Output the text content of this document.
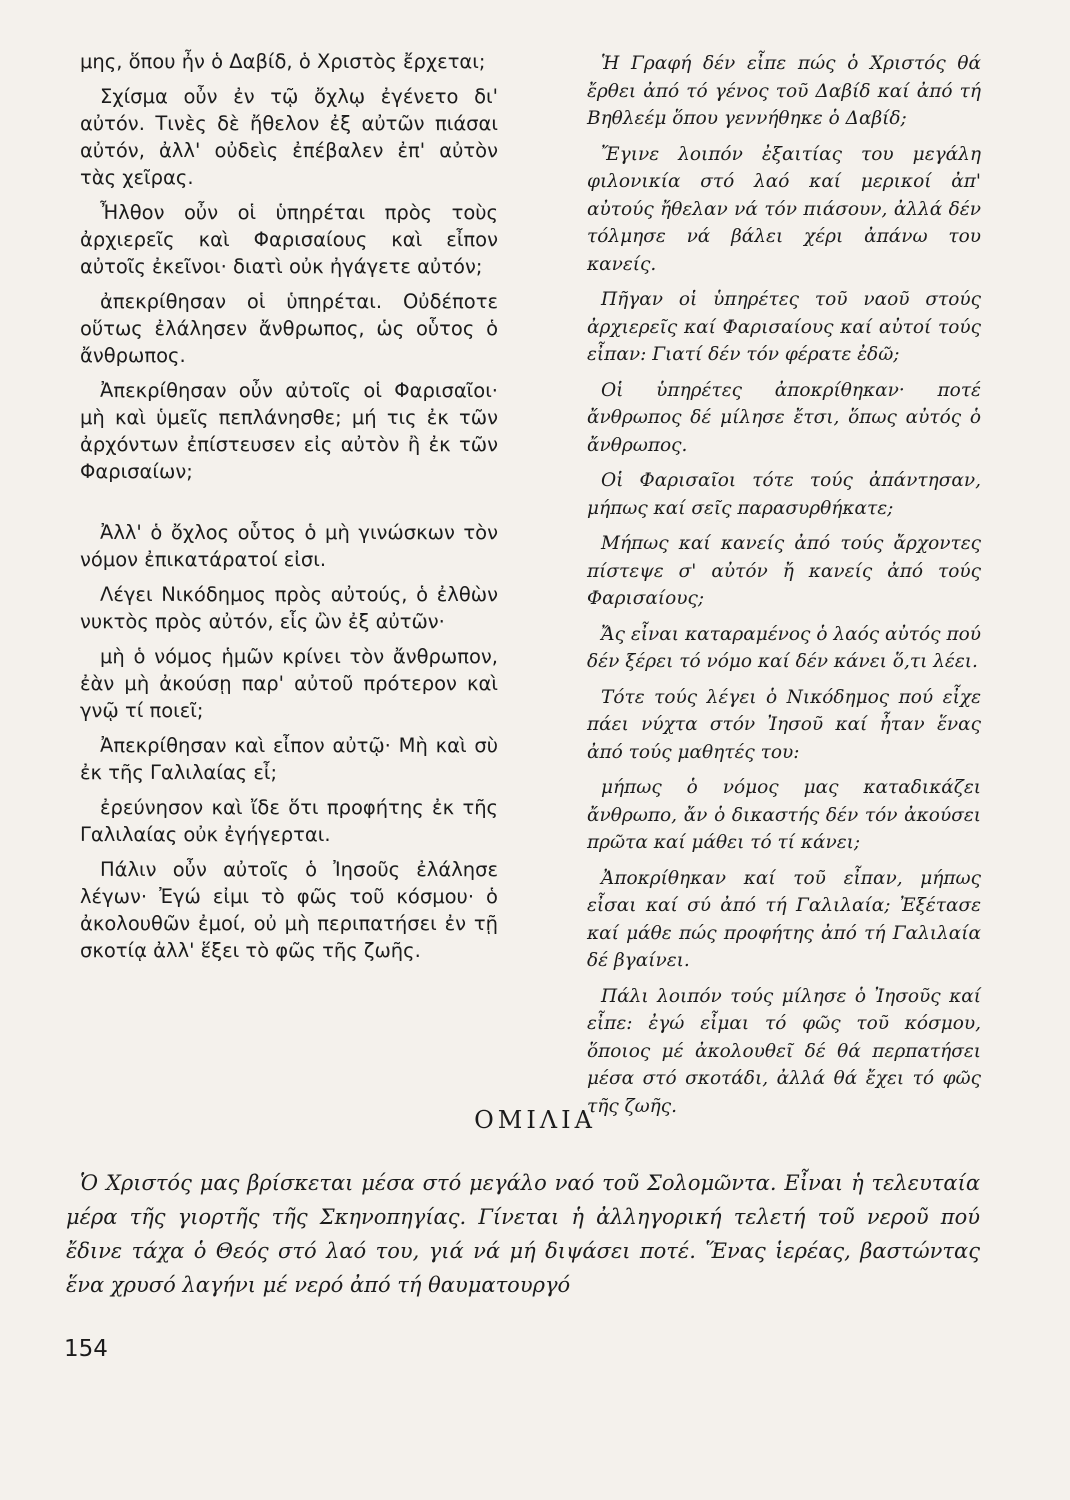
μης, ὅπου ἦν ὁ Δαβίδ, ὁ Χριστὸς ἔρχεται;

Σχίσμα οὖν ἐν τῷ ὄχλῳ ἐγένετο δι' αὐτόν. Τινὲς δὲ ἤθελον ἐξ αὐτῶν πιάσαι αὐτόν, ἀλλ' οὐδεὶς ἐπέβαλεν ἐπ' αὐτὸν τὰς χεῖρας.

Ἦλθον οὖν οἱ ὑπηρέται πρὸς τοὺς ἀρχιερεῖς καὶ Φαρισαίους καὶ εἶπον αὐτοῖς ἐκεῖνοι· διατὶ οὐκ ἠγάγετε αὐτόν;

ἀπεκρίθησαν οἱ ὑπηρέται. Οὐδέποτε οὕτως ἐλάλησεν ἄνθρωπος, ὡς οὗτος ὁ ἄνθρωπος.

Ἀπεκρίθησαν οὖν αὐτοῖς οἱ Φαρισαῖοι· μὴ καὶ ὑμεῖς πεπλάνησθε; μή τις ἐκ τῶν ἀρχόντων ἐπίστευσεν εἰς αὐτὸν ἢ ἐκ τῶν Φαρισαίων;

Ἀλλ' ὁ ὄχλος οὗτος ὁ μὴ γινώσκων τὸν νόμον ἐπικατάρατοί εἰσι.

Λέγει Νικόδημος πρὸς αὐτούς, ὁ ἐλθὼν νυκτὸς πρὸς αὐτόν, εἷς ὢν ἐξ αὐτῶν·

μὴ ὁ νόμος ἡμῶν κρίνει τὸν ἄνθρωπον, ἐὰν μὴ ἀκούσῃ παρ' αὐτοῦ πρότερον καὶ γνῷ τί ποιεῖ;

Ἀπεκρίθησαν καὶ εἶπον αὐτῷ· Μὴ καὶ σὺ ἐκ τῆς Γαλιλαίας εἶ;

ἐρεύνησον καὶ ἴδε ὅτι προφήτης ἐκ τῆς Γαλιλαίας οὐκ ἐγήγερται.

Πάλιν οὖν αὐτοῖς ὁ Ἰησοῦς ἐλάλησε λέγων· Ἐγώ εἰμι τὸ φῶς τοῦ κόσμου· ὁ ἀκολουθῶν ἐμοί, οὐ μὴ περιπατήσει ἐν τῇ σκοτίᾳ ἀλλ' ἕξει τὸ φῶς τῆς ζωῆς.

Ἡ Γραφή δέν εἶπε πώς ὁ Χριστός θά ἔρθει ἀπό τό γένος τοῦ Δαβίδ καί ἀπό τή Βηθλεέμ ὅπου γεννήθηκε ὁ Δαβίδ;

Ἔγινε λοιπόν ἐξαιτίας του μεγάλη φιλονικία στό λαό καί μερικοί ἀπ' αὐτούς ἤθελαν νά τόν πιάσουν, ἀλλά δέν τόλμησε νά βάλει χέρι ἀπάνω του κανείς.

Πῆγαν οἱ ὑπηρέτες τοῦ ναοῦ στούς ἀρχιερεῖς καί Φαρισαίους καί αὐτοί τούς εἶπαν: Γιατί δέν τόν φέρατε ἐδῶ;

Οἱ ὑπηρέτες ἀποκρίθηκαν· ποτέ ἄνθρωπος δέ μίλησε ἔτσι, ὅπως αὐτός ὁ ἄνθρωπος.

Οἱ Φαρισαῖοι τότε τούς ἀπάντησαν, μήπως καί σεῖς παρασυρθήκατε;

Μήπως καί κανείς ἀπό τούς ἄρχοντες πίστεψε σ' αὐτόν ἤ κανείς ἀπό τούς Φαρισαίους;

Ἄς εἶναι καταραμένος ὁ λαός αὐτός πού δέν ξέρει τό νόμο καί δέν κάνει ὅ,τι λέει.

Τότε τούς λέγει ὁ Νικόδημος πού εἶχε πάει νύχτα στόν Ἰησοῦ καί ἦταν ἕνας ἀπό τούς μαθητές του:

μήπως ὁ νόμος μας καταδικάζει ἄνθρωπο, ἄν ὁ δικαστής δέν τόν ἀκούσει πρῶτα καί μάθει τό τί κάνει;

Ἀποκρίθηκαν καί τοῦ εἶπαν, μήπως εἶσαι καί σύ ἀπό τή Γαλιλαία; Ἐξέτασε καί μάθε πώς προφήτης ἀπό τή Γαλιλαία δέ βγαίνει.

Πάλι λοιπόν τούς μίλησε ὁ Ἰησοῦς καί εἶπε: ἐγώ εἶμαι τό φῶς τοῦ κόσμου, ὅποιος μέ ἀκολουθεῖ δέ θά περπατήσει μέσα στό σκοτάδι, ἀλλά θά ἔχει τό φῶς τῆς ζωῆς.

ΟΜΙΛΙΑ

Ὁ Χριστός μας βρίσκεται μέσα στό μεγάλο ναό τοῦ Σολομῶντα. Εἶναι ἡ τελευταία μέρα τῆς γιορτῆς τῆς Σκηνοπηγίας. Γίνεται ἡ ἀλληγορική τελετή τοῦ νεροῦ πού ἔδινε τάχα ὁ Θεός στό λαό του, γιά νά μή διψάσει ποτέ. Ἕνας ἱερέας, βαστώντας ἕνα χρυσό λαγήνι μέ νερό ἀπό τή θαυματουργό

154
